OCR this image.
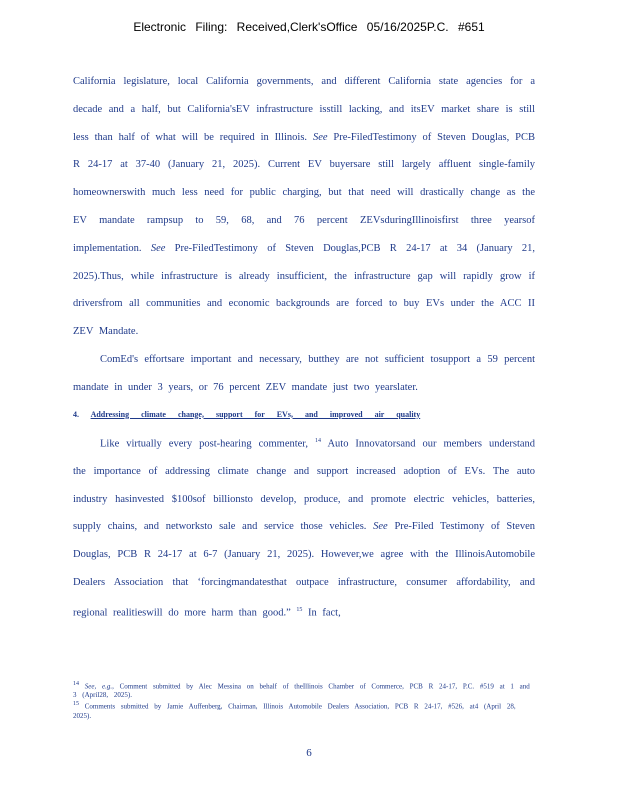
Electronic Filing: Received,Clerk'sOffice 05/16/2025P.C. #651

California legislature, local California governments, and different California state agencies for a decade and a half, but California'sEV infrastructure isstill lacking, and itsEV market share is still less than half of what will be required in Illinois. See Pre-FiledTestimony of Steven Douglas, PCB R 24-17 at 37-40 (January 21, 2025). Current EV buyersare still largely affluent single-family homeownerswith much less need for public charging, but that need will drastically change as the EV mandate rampsup to 59, 68, and 76 percent ZEVsduringIllinoisfirst three yearsof implementation. See Pre-FiledTestimony of Steven Douglas,PCB R 24-17 at 34 (January 21, 2025).Thus, while infrastructure is already insufficient, the infrastructure gap will rapidly grow if driversfrom all communities and economic backgrounds are forced to buy EVs under the ACC II ZEV Mandate.

ComEd's effortsare important and necessary, butthey are not sufficient tosupport a 59 percent mandate in under 3 years, or 76 percent ZEV mandate just two yearslater.

4. Addressing climate change, support for EVs, and improved air quality

Like virtually every post-hearing commenter, $^{14}$ Auto Innovatorsand our members understand the importance of addressing climate change and support increased adoption of EVs. The auto industry hasinvested $100sof billionsto develop, produce, and promote electric vehicles, batteries, supply chains, and networksto sale and service those vehicles. See Pre-Filed Testimony of Steven Douglas, PCB R 24-17 at 6-7 (January 21, 2025). However,we agree with the IllinoisAutomobile Dealers Association that ‘forcingmandatesthat outpace infrastructure, consumer affordability, and regional realitieswill do more harm than good.” $^{15}$ In fact,

14 See, e.g., Comment submitted by Alec Messina on behalf of theIllinois Chamber of Commerce, PCB R 24-17, P.C. #519 at 1 and 3 (April28, 2025).

15 Comments submitted by Jamie Auffenberg, Chairman, Illinois Automobile Dealers Association, PCB R 24-17, #526, at4 (April 28, 2025).

6
